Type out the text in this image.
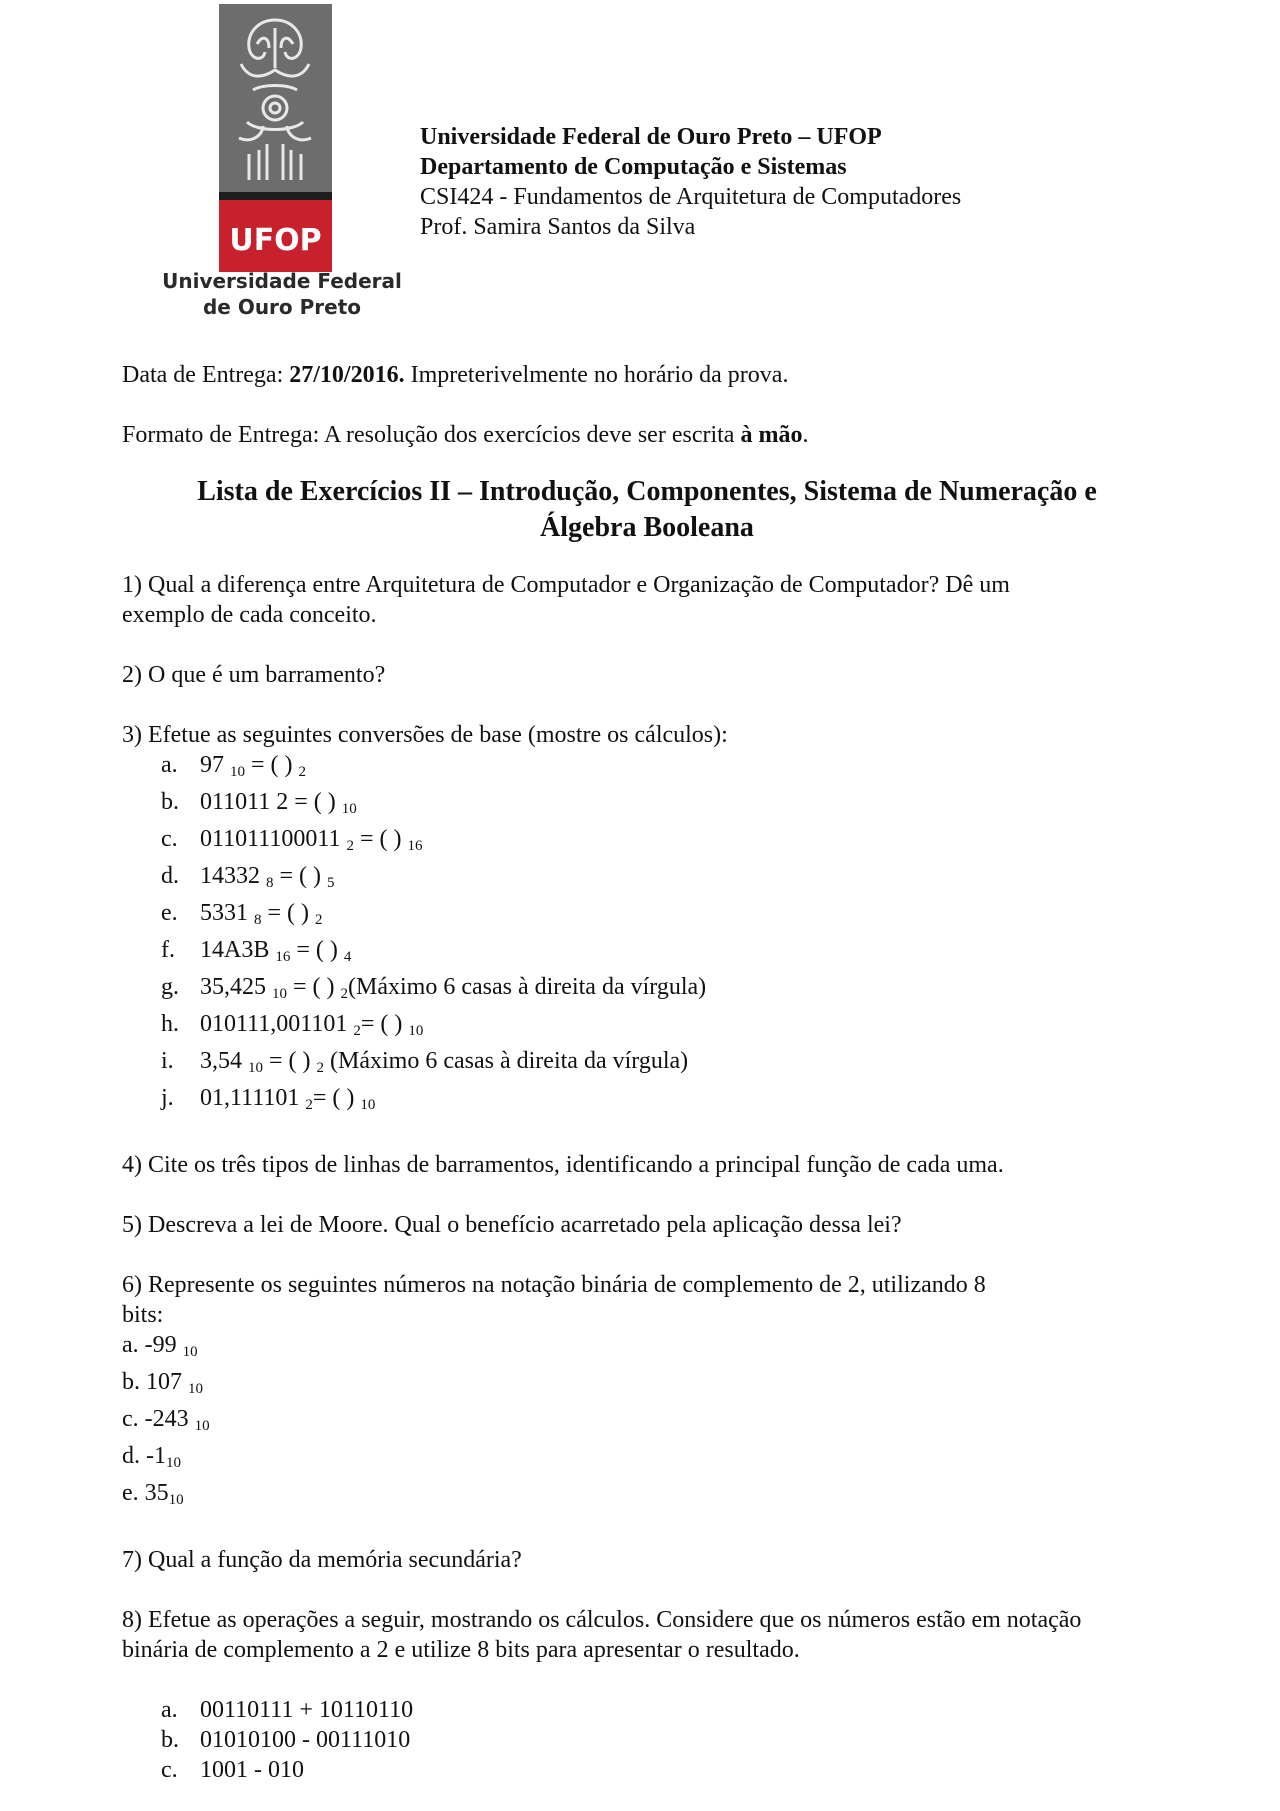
UFOP
Universidade Federal
de Ouro Preto
Universidade Federal de Ouro Preto – UFOP
Departamento de Computação e Sistemas
CSI424 - Fundamentos de Arquitetura de Computadores
Prof. Samira Santos da Silva

Data de Entrega: 27/10/2016. Impreterivelmente no horário da prova.

Formato de Entrega: A resolução dos exercícios deve ser escrita à mão.

Lista de Exercícios II – Introdução, Componentes, Sistema de Numeração e
Álgebra Booleana

1) Qual a diferença entre Arquitetura de Computador e Organização de Computador? Dê um
exemplo de cada conceito.

2) O que é um barramento?

3) Efetue as seguintes conversões de base (mostre os cálculos):

a. 97 $_{10}$ = ( ) $_2$
b. 011011 2 = ( ) $_{10}$
c. 011011100011 $_2$ = ( ) $_{16}$
d. 14332 $_8$ = ( ) $_5$
e. 5331 $_8$ = ( ) $_2$
f. 14A3B $_{16}$ = ( ) $_4$
g. 35,425 $_{10}$ = ( ) $_2$(Máximo 6 casas à direita da vírgula)
h. 010111,001101 $_2$= ( ) $_{10}$
i. 3,54 $_{10}$ = ( ) $_2$ (Máximo 6 casas à direita da vírgula)
j. 01,111101 $_2$= ( ) $_{10}$

4) Cite os três tipos de linhas de barramentos, identificando a principal função de cada uma.

5) Descreva a lei de Moore. Qual o benefício acarretado pela aplicação dessa lei?

6) Represente os seguintes números na notação binária de complemento de 2, utilizando 8
bits:

a. -99 $_{10}$
b. 107 $_{10}$
c. -243 $_{10}$
d. $-1_{10}$
e. $35_{10}$

7) Qual a função da memória secundária?

8) Efetue as operações a seguir, mostrando os cálculos. Considere que os números estão em notação
binária de complemento a 2 e utilize 8 bits para apresentar o resultado.

a. 00110111 + 10110110
b. 01010100 - 00111010
c. 1001 - 010
